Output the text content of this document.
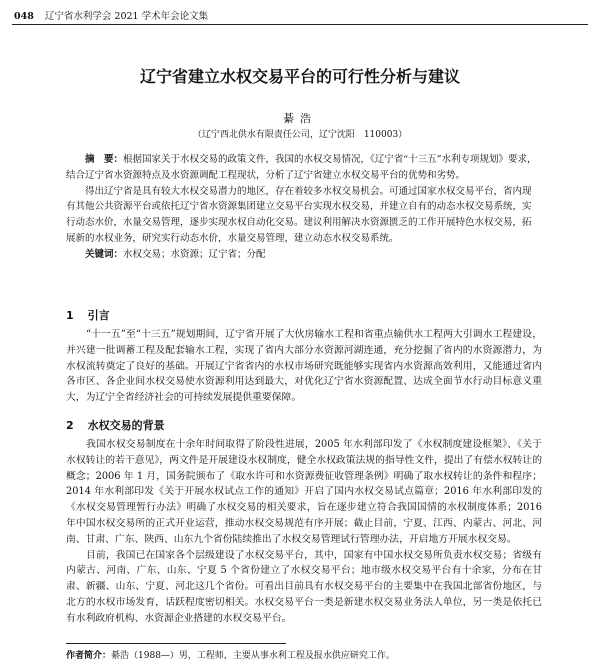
048 辽宁省水利学会 2021 学术年会论文集
辽宁省建立水权交易平台的可行性分析与建议
綦浩
（辽宁西北供水有限责任公司，辽宁沈阳　110003）

摘　要：根据国家关于水权交易的政策文件，我国的水权交易情况，《辽宁省“十三五”水利专项规划》要求，结合辽宁省水资源特点及水资源调配工程现状，分析了辽宁省建立水权交易平台的优势和劣势。

得出辽宁省是具有较大水权交易潜力的地区，存在着较多水权交易机会。可通过国家水权交易平台，省内现有其他公共资源平台或依托辽宁省水资源集团建立交易平台实现水权交易，并建立自有的动态水权交易系统，实行动态水价，水量交易管理，逐步实现水权自动化交易。建议利用解决水资源匮乏的工作开展特色水权交易，拓展新的水权业务，研究实行动态水价，水量交易管理，建立动态水权交易系统。

关键词：水权交易；水资源；辽宁省；分配

1 引言

“十一五”至“十三五”规划期间，辽宁省开展了大伙房输水工程和省重点输供水工程两大引调水工程建设，并兴建一批调蓄工程及配套输水工程，实现了省内大部分水资源河湖连通，充分挖掘了省内的水资源潜力，为水权流转奠定了良好的基础。开展辽宁省省内的水权市场研究既能够实现省内水资源高效利用，又能通过省内各市区、各企业间水权交易使水资源利用达到最大，对优化辽宁省水资源配置、达成全面节水行动目标意义重大，为辽宁全省经济社会的可持续发展提供重要保障。

2 水权交易的背景

我国水权交易制度在十余年时间取得了阶段性进展，2005 年水利部印发了《水权制度建设框架》、《关于水权转让的若干意见》，两文件是开展建设水权制度，健全水权政策法规的指导性文件，提出了有偿水权转让的概念；2006 年 1 月，国务院颁布了《取水许可和水资源费征收管理条例》明确了取水权转让的条件和程序；2014 年水利部印发《关于开展水权试点工作的通知》开启了国内水权交易试点篇章；2016 年水利部印发的《水权交易管理暂行办法》明确了水权交易的相关要求，旨在逐步建立符合我国国情的水权制度体系；2016 年中国水权交易所的正式开业运营，推动水权交易规范有序开展；截止目前，宁夏、江西、内蒙古、河北、河南、甘肃、广东、陕西、山东九个省份陆续推出了水权交易管理试行管理办法，开启地方开展水权交易。

目前，我国已在国家各个层级建设了水权交易平台，其中，国家有中国水权交易所负责水权交易；省级有内蒙古、河南、广东、山东、宁夏 5 个省份建立了水权交易平台；地市级水权交易平台有十余家，分布在甘肃、新疆、山东、宁夏、河北这几个省份。可看出目前具有水权交易平台的主要集中在我国北部省份地区，与北方的水权市场发育，话跃程度密切相关。水权交易平台一类是新建水权交易业务法人单位，另一类是依托已有水利政府机构、水资源企业搭建的水权交易平台。

作者简介：綦浩（1988—）男，工程师，主要从事水利工程及报水供应研究工作。
